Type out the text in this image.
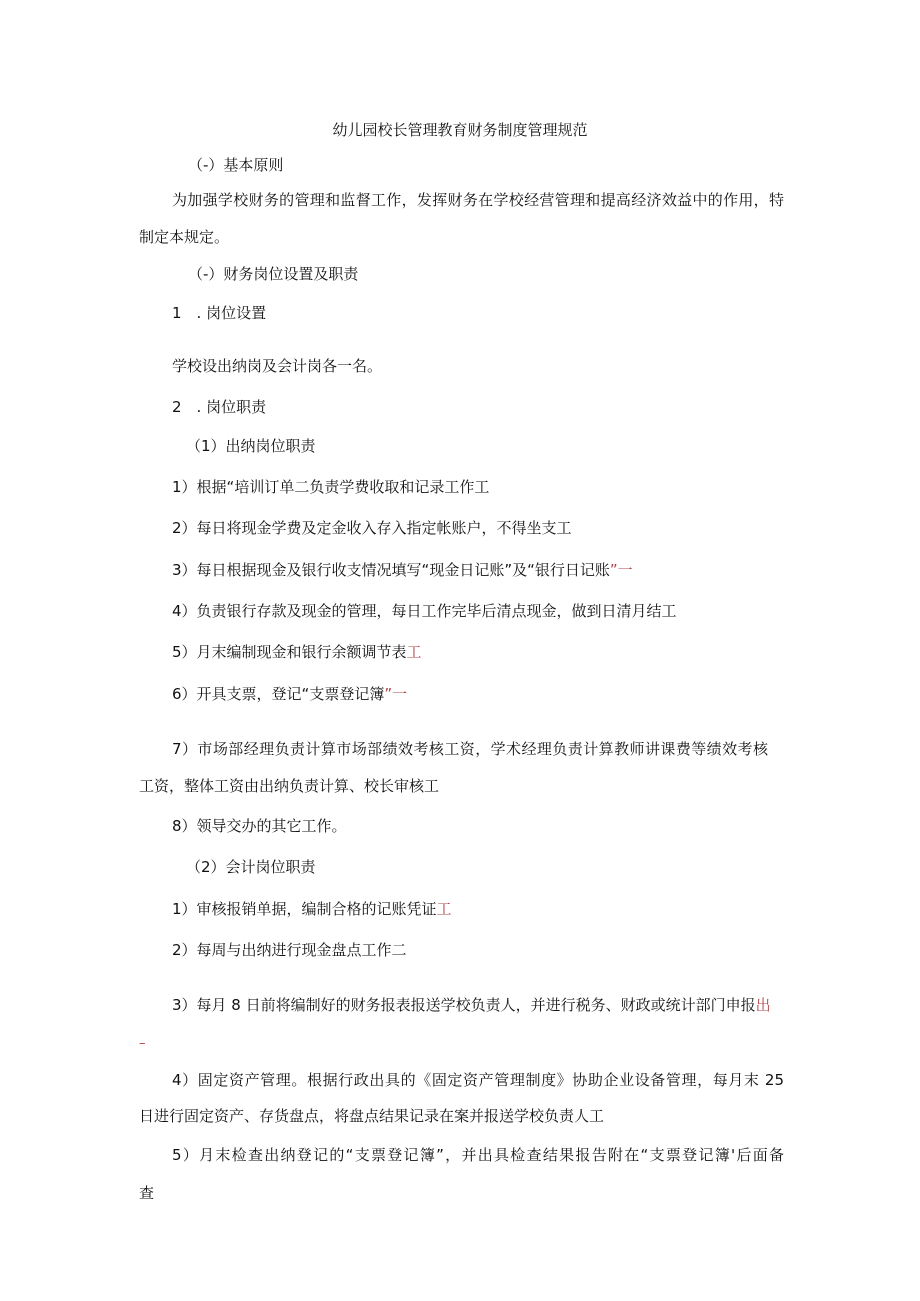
幼儿园校长管理教育财务制度管理规范

（-）基本原则

为加强学校财务的管理和监督工作，发挥财务在学校经营管理和提高经济效益中的作用，特

制定本规定。

（-）财务岗位设置及职责

1　. 岗位设置

学校设出纳岗及会计岗各一名。

2　. 岗位职责

（1）出纳岗位职责

1）根据“培训订单二负责学费收取和记录工作工

2）每日将现金学费及定金收入存入指定帐账户，不得坐支工

3）每日根据现金及银行收支情况填写“现金日记账”及“银行日记账”一

4）负责银行存款及现金的管理，每日工作完毕后清点现金，做到日清月结工

5）月末编制现金和银行余额调节表工

6）开具支票，登记“支票登记簿”一

7）市场部经理负责计算市场部绩效考核工资，学术经理负责计算教师讲课费等绩效考核

工资，整体工资由出纳负责计算、校长审核工

8）领导交办的其它工作。

（2）会计岗位职责

1）审核报销单据，编制合格的记账凭证工

2）每周与出纳进行现金盘点工作二

3）每月 8 日前将编制好的财务报表报送学校负责人，并进行税务、财政或统计部门申报出

–

4）固定资产管理。根据行政出具的《固定资产管理制度》协助企业设备管理，每月末 25

日进行固定资产、存货盘点，将盘点结果记录在案并报送学校负责人工

5）月末检查出纳登记的“支票登记簿”，并出具检查结果报告附在“支票登记簿'后面备

查
